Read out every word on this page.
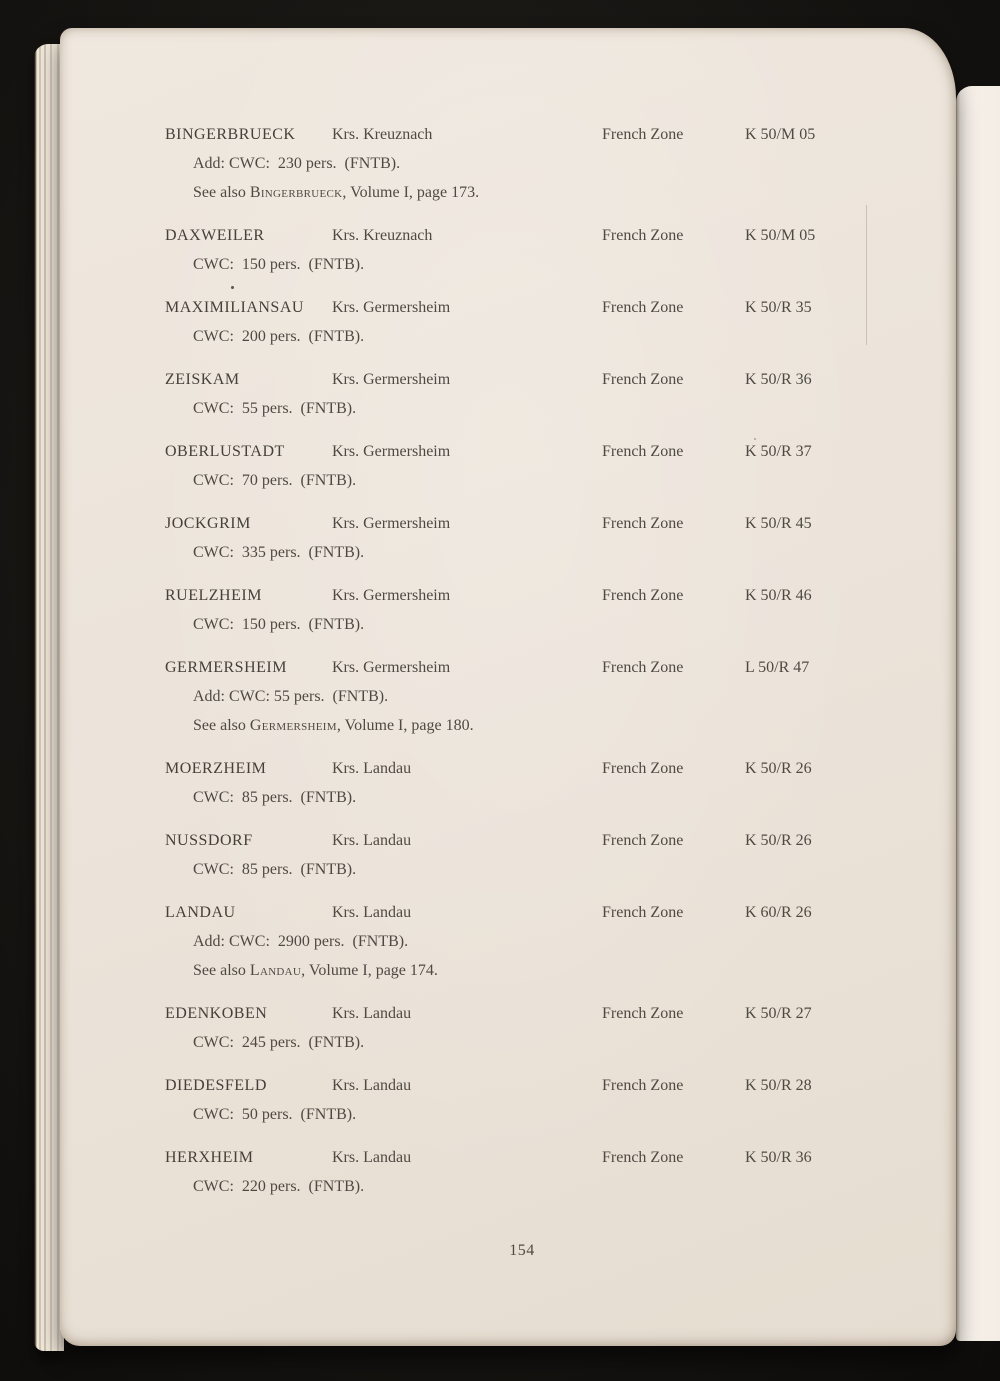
BINGERBRUECK	Krs. Kreuznach	French Zone	K 50/M 05
Add: CWC:  230 pers.  (FNTB).
See also Bingerbrueck, Volume I, page 173.
DAXWEILER	Krs. Kreuznach	French Zone	K 50/M 05
CWC:  150 pers.  (FNTB).
MAXIMILIANSAU	Krs. Germersheim	French Zone	K 50/R 35
CWC:  200 pers.  (FNTB).
ZEISKAM	Krs. Germersheim	French Zone	K 50/R 36
CWC:  55 pers.  (FNTB).
OBERLUSTADT	Krs. Germersheim	French Zone	K 50/R 37
CWC:  70 pers.  (FNTB).
JOCKGRIM	Krs. Germersheim	French Zone	K 50/R 45
CWC:  335 pers.  (FNTB).
RUELZHEIM	Krs. Germersheim	French Zone	K 50/R 46
CWC:  150 pers.  (FNTB).
GERMERSHEIM	Krs. Germersheim	French Zone	L 50/R 47
Add: CWC: 55 pers.  (FNTB).
See also Germersheim, Volume I, page 180.
MOERZHEIM	Krs. Landau	French Zone	K 50/R 26
CWC:  85 pers.  (FNTB).
NUSSDORF	Krs. Landau	French Zone	K 50/R 26
CWC:  85 pers.  (FNTB).
LANDAU	Krs. Landau	French Zone	K 60/R 26
Add: CWC:  2900 pers.  (FNTB).
See also Landau, Volume I, page 174.
EDENKOBEN	Krs. Landau	French Zone	K 50/R 27
CWC:  245 pers.  (FNTB).
DIEDESFELD	Krs. Landau	French Zone	K 50/R 28
CWC:  50 pers.  (FNTB).
HERXHEIM	Krs. Landau	French Zone	K 50/R 36
CWC:  220 pers.  (FNTB).
154
